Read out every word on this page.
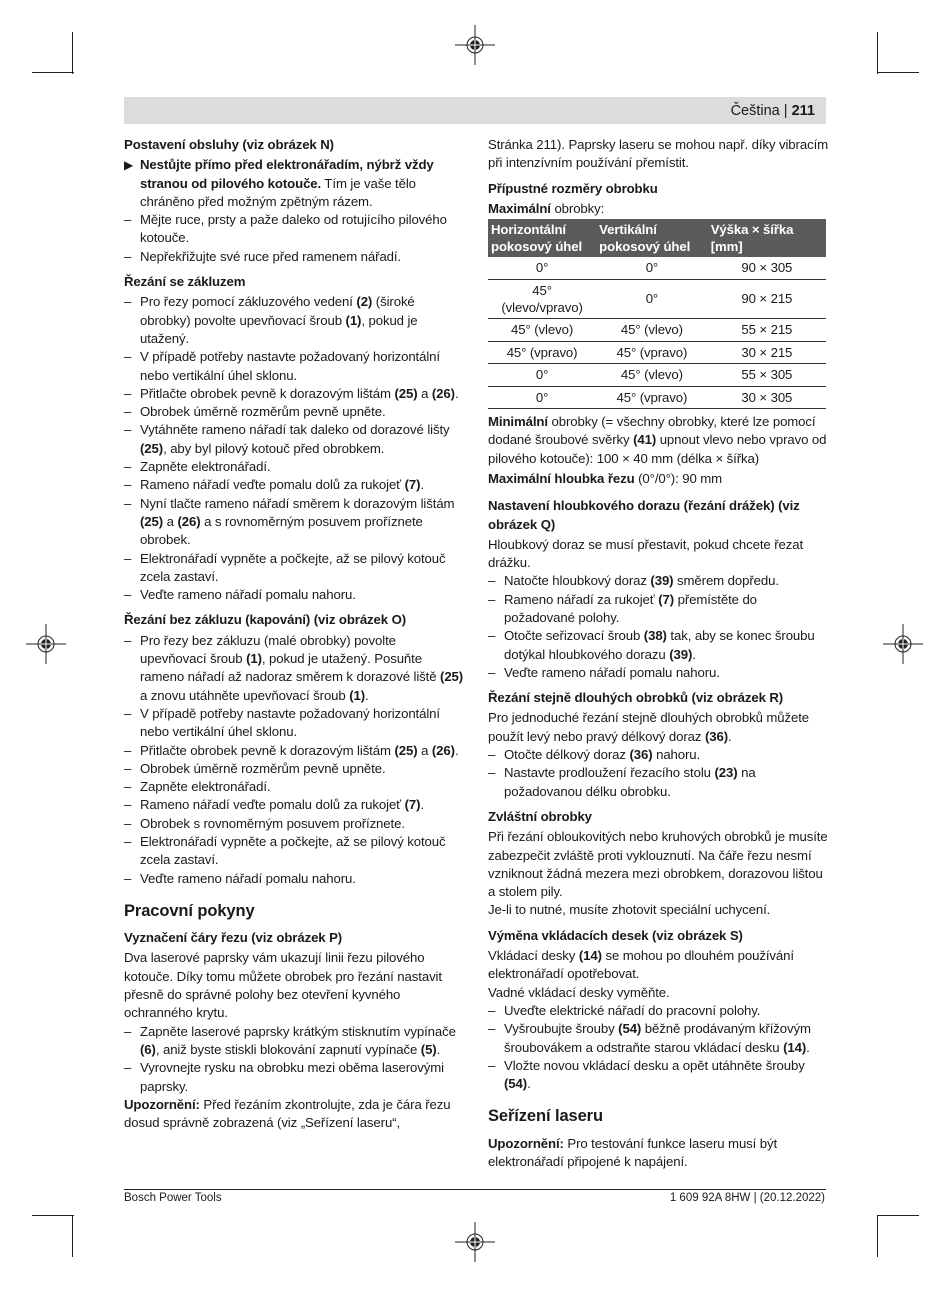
Čeština | 211
Postavení obsluhy (viz obrázek N)
▶ Nestůjte přímo před elektronářadím, nýbrž vždy stranou od pilového kotouče. Tím je vaše tělo chráněno před možným zpětným rázem.
– Mějte ruce, prsty a paže daleko od rotujícího pilového kotouče.
– Nepřekřižujte své ruce před ramenem nářadí.
Řezání se zákluzem
– Pro řezy pomocí zákluzového vedení (2) (široké obrobky) povolte upevňovací šroub (1), pokud je utažený.
– V případě potřeby nastavte požadovaný horizontální nebo vertikální úhel sklonu.
– Přitlačte obrobek pevně k dorazovým lištám (25) a (26).
– Obrobek úměrně rozměrům pevně upněte.
– Vytáhněte rameno nářadí tak daleko od dorazové lišty (25), aby byl pilový kotouč před obrobkem.
– Zapněte elektronářadí.
– Rameno nářadí veďte pomalu dolů za rukojeť (7).
– Nyní tlačte rameno nářadí směrem k dorazovým lištám (25) a (26) a s rovnoměrným posuvem proříznete obrobek.
– Elektronářadí vypněte a počkejte, až se pilový kotouč zcela zastaví.
– Veďte rameno nářadí pomalu nahoru.
Řezání bez zákluzu (kapování) (viz obrázek O)
– Pro řezy bez zákluzu (malé obrobky) povolte upevňovací šroub (1), pokud je utažený. Posuňte rameno nářadí až nadoraz směrem k dorazové liště (25) a znovu utáhněte upevňovací šroub (1).
– V případě potřeby nastavte požadovaný horizontální nebo vertikální úhel sklonu.
– Přitlačte obrobek pevně k dorazovým lištám (25) a (26).
– Obrobek úměrně rozměrům pevně upněte.
– Zapněte elektronářadí.
– Rameno nářadí veďte pomalu dolů za rukojeť (7).
– Obrobek s rovnoměrným posuvem proříznete.
– Elektronářadí vypněte a počkejte, až se pilový kotouč zcela zastaví.
– Veďte rameno nářadí pomalu nahoru.
Pracovní pokyny
Vyznačení čáry řezu (viz obrázek P)
Dva laserové paprsky vám ukazují linii řezu pilového kotouče. Díky tomu můžete obrobek pro řezání nastavit přesně do správné polohy bez otevření kyvného ochranného krytu.
– Zapněte laserové paprsky krátkým stisknutím vypínače (6), aniž byste stiskli blokování zapnutí vypínače (5).
– Vyrovnejte rysku na obrobku mezi oběma laserovými paprsky.
Upozornění: Před řezáním zkontrolujte, zda je čára řezu dosud správně zobrazená (viz „Seřízení laseru“,
Stránka 211). Paprsky laseru se mohou např. díky vibracím při intenzívním používání přemístit.
Přípustné rozměry obrobku
Maximální obrobky:
Horizontální pokosový úhel	Vertikální pokosový úhel	Výška × šířka [mm]
0°	0°	90 × 305
45° (vlevo/vpravo)	0°	90 × 215
45° (vlevo)	45° (vlevo)	55 × 215
45° (vpravo)	45° (vpravo)	30 × 215
0°	45° (vlevo)	55 × 305
0°	45° (vpravo)	30 × 305
Minimální obrobky (= všechny obrobky, které lze pomocí dodané šroubové svěrky (41) upnout vlevo nebo vpravo od pilového kotouče): 100 × 40 mm (délka × šířka)
Maximální hloubka řezu (0°/0°): 90 mm
Nastavení hloubkového dorazu (řezání drážek) (viz obrázek Q)
Hloubkový doraz se musí přestavit, pokud chcete řezat drážku.
– Natočte hloubkový doraz (39) směrem dopředu.
– Rameno nářadí za rukojeť (7) přemístěte do požadované polohy.
– Otočte seřizovací šroub (38) tak, aby se konec šroubu dotýkal hloubkového dorazu (39).
– Veďte rameno nářadí pomalu nahoru.
Řezání stejně dlouhých obrobků (viz obrázek R)
Pro jednoduché řezání stejně dlouhých obrobků můžete použít levý nebo pravý délkový doraz (36).
– Otočte délkový doraz (36) nahoru.
– Nastavte prodloužení řezacího stolu (23) na požadovanou délku obrobku.
Zvláštní obrobky
Při řezání obloukovitých nebo kruhových obrobků je musíte zabezpečit zvláště proti vyklouznutí. Na čáře řezu nesmí vzniknout žádná mezera mezi obrobkem, dorazovou lištou a stolem pily.
Je-li to nutné, musíte zhotovit speciální uchycení.
Výměna vkládacích desek (viz obrázek S)
Vkládací desky (14) se mohou po dlouhém používání elektronářadí opotřebovat.
Vadné vkládací desky vyměňte.
– Uveďte elektrické nářadí do pracovní polohy.
– Vyšroubujte šrouby (54) běžně prodávaným křížovým šroubovákem a odstraňte starou vkládací desku (14).
– Vložte novou vkládací desku a opět utáhněte šrouby (54).
Seřízení laseru
Upozornění: Pro testování funkce laseru musí být elektronářadí připojené k napájení.
Bosch Power Tools	1 609 92A 8HW | (20.12.2022)
